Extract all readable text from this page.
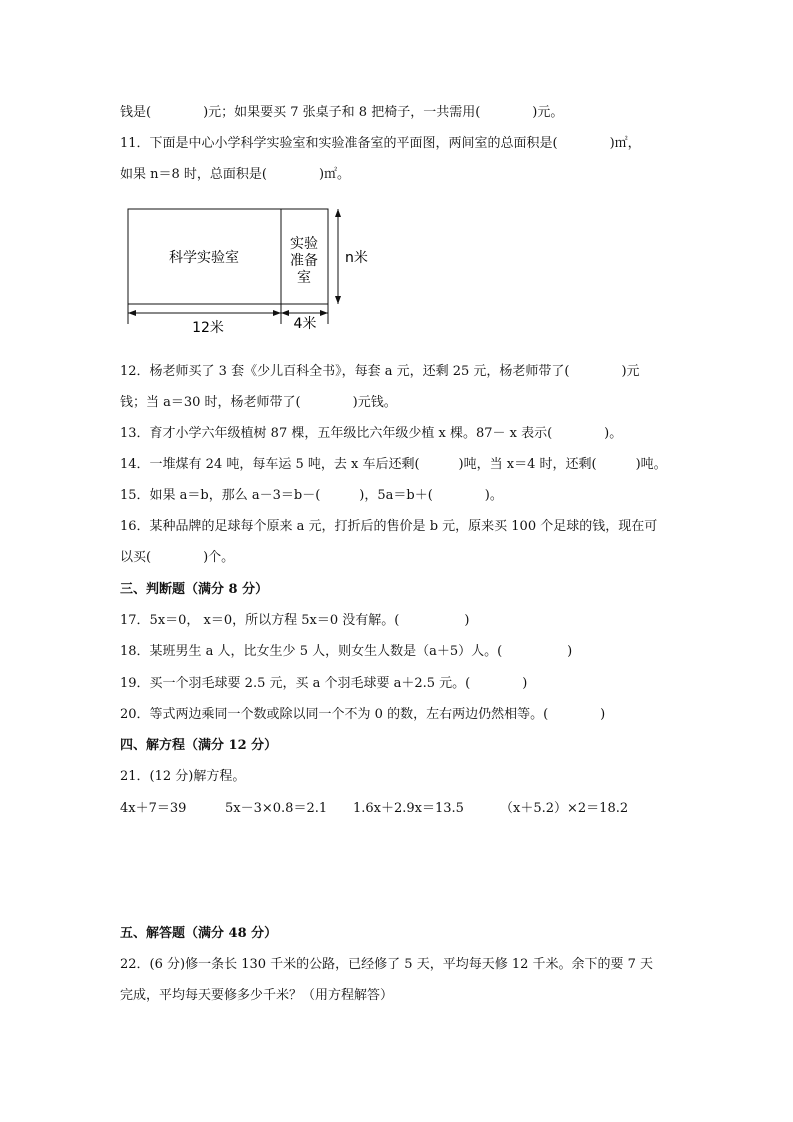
钱是(　　　　)元；如果要买 7 张桌子和 8 把椅子，一共需用(　　　　)元。
11．下面是中心小学科学实验室和实验准备室的平面图，两间室的总面积是(　　　　)㎡，
如果 n＝8 时，总面积是(　　　　)㎡。
科学实验室
实验
准备
室
n米
12米	4米
12．杨老师买了 3 套《少儿百科全书》，每套 a 元，还剩 25 元，杨老师带了(　　　　)元
钱；当 a＝30 时，杨老师带了(　　　　)元钱。
13．育才小学六年级植树 87 棵，五年级比六年级少植 x 棵。87－ x 表示(　　　　)。
14．一堆煤有 24 吨，每车运 5 吨，去 x 车后还剩(　　　)吨，当 x＝4 时，还剩(　　　)吨。
15．如果 a＝b，那么 a－3＝b－(　　　)，5a＝b＋(　　　　)。
16．某种品牌的足球每个原来 a 元，打折后的售价是 b 元，原来买 100 个足球的钱，现在可
以买(　　　　)个。
三、判断题（满分 8 分）
17．5x＝0， x＝0，所以方程 5x＝0 没有解。(　　　　　)
18．某班男生 a 人，比女生少 5 人，则女生人数是（a＋5）人。(　　　　　)
19．买一个羽毛球要 2.5 元，买 a 个羽毛球要 a＋2.5 元。(　　　　)
20．等式两边乘同一个数或除以同一个不为 0 的数，左右两边仍然相等。(　　　　)
四、解方程（满分 12 分）
21．(12 分)解方程。
4x＋7＝39	5x－3×0.8＝2.1 1.6x＋2.9x＝13.5	（x＋5.2）×2＝18.2
五、解答题（满分 48 分）
22．(6 分)修一条长 130 千米的公路，已经修了 5 天，平均每天修 12 千米。余下的要 7 天
完成，平均每天要修多少千米？（用方程解答）
